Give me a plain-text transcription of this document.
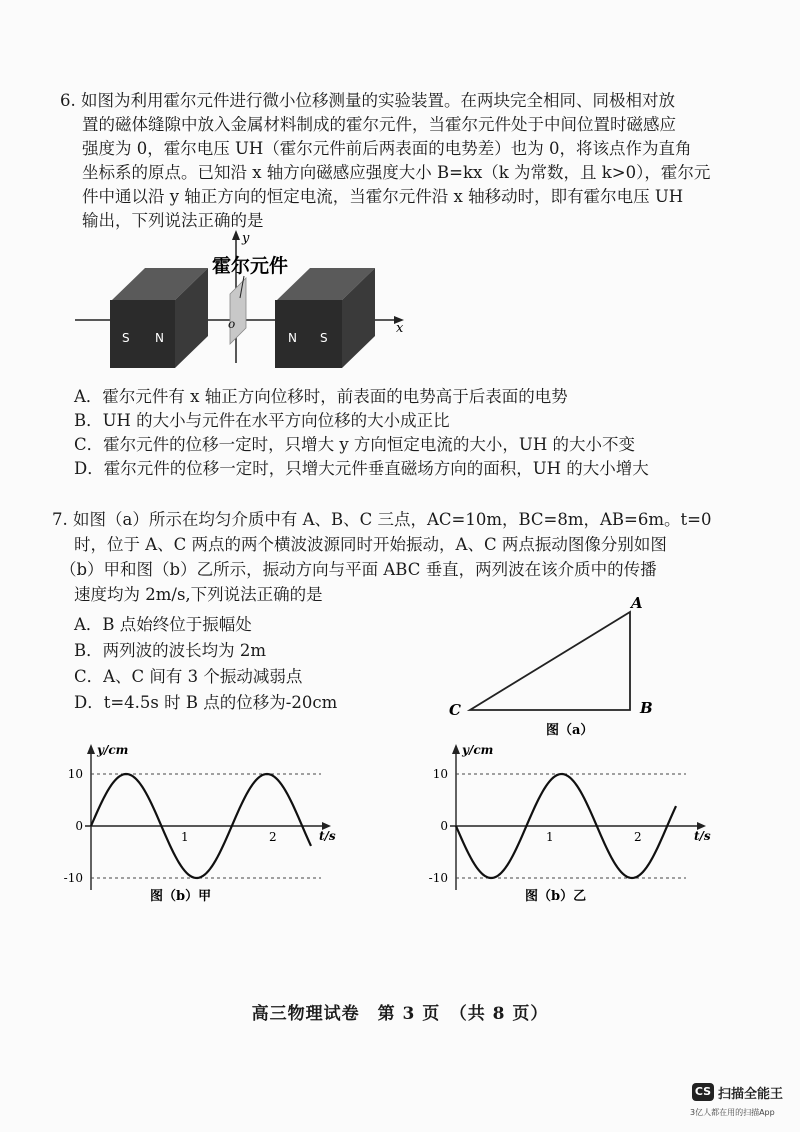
6. 如图为利用霍尔元件进行微小位移测量的实验装置。在两块完全相同、同极相对放
置的磁体缝隙中放入金属材料制成的霍尔元件，当霍尔元件处于中间位置时磁感应
强度为 0，霍尔电压 UH（霍尔元件前后两表面的电势差）也为 0，将该点作为直角
坐标系的原点。已知沿 x 轴方向磁感应强度大小 B=kx（k 为常数，且 k>0），霍尔元
件中通以沿 y 轴正方向的恒定电流，当霍尔元件沿 x 轴移动时，即有霍尔电压 UH
输出，下列说法正确的是
x
y
S N
o
N S
霍尔元件
A．霍尔元件有 x 轴正方向位移时，前表面的电势高于后表面的电势
B．UH 的大小与元件在水平方向位移的大小成正比
C．霍尔元件的位移一定时，只增大 y 方向恒定电流的大小，UH 的大小不变
D．霍尔元件的位移一定时，只增大元件垂直磁场方向的面积，UH 的大小增大
7. 如图（a）所示在均匀介质中有 A、B、C 三点，AC=10m，BC=8m，AB=6m。t=0
时，位于 A、C 两点的两个横波波源同时开始振动，A、C 两点振动图像分别如图
（b）甲和图（b）乙所示，振动方向与平面 ABC 垂直，两列波在该介质中的传播
速度均为 2m/s,下列说法正确的是
A．B 点始终位于振幅处
B．两列波的波长均为 2m
C．A、C 间有 3 个振动减弱点
D．t=4.5s 时 B 点的位移为-20cm
A
B
C
图（a）
y/cm
t/s
10
0
-10
1	2
图（b）甲
y/cm
t/s
10
0
-10
1	2
图（b）乙
高三物理试卷　第 3 页　（共 8 页）
CS 扫描全能王
3亿人都在用的扫描App
